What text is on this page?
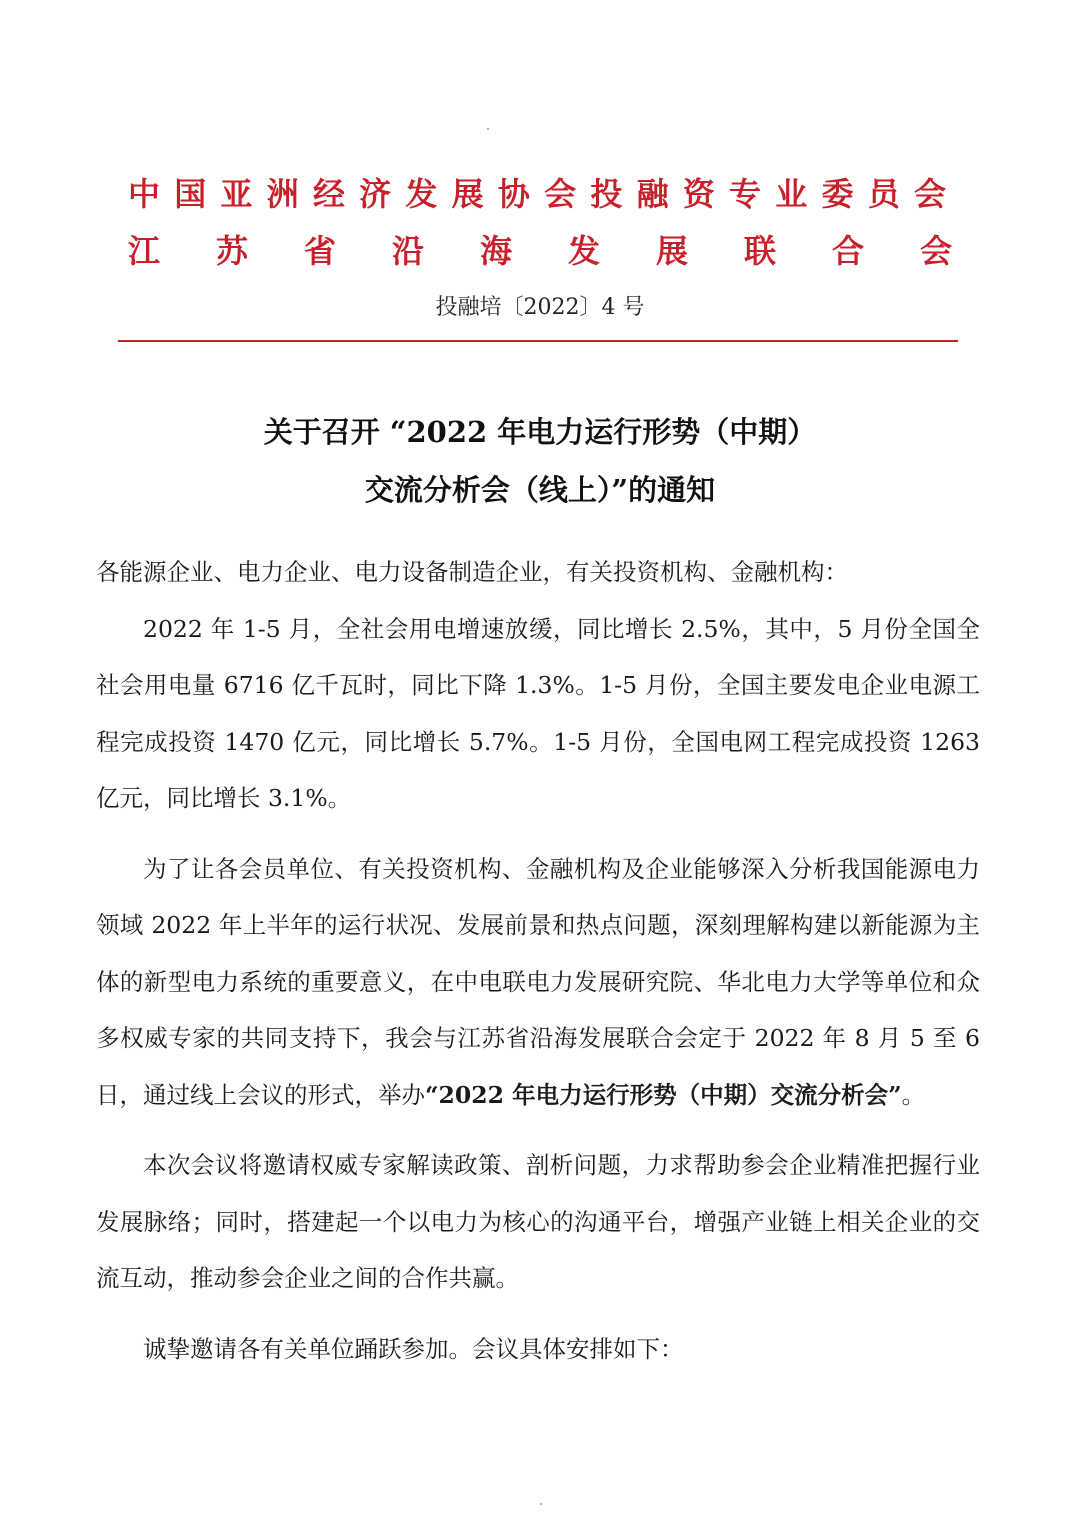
中国亚洲经济发展协会投融资专业委员会
江苏省沿海发展联合会
投融培〔2022〕4 号
关于召开 “2022 年电力运行形势（中期）
交流分析会（线上）”的通知

各能源企业、电力企业、电力设备制造企业，有关投资机构、金融机构：

2022 年 1-5 月，全社会用电增速放缓，同比增长 2.5%，其中，5 月份全国全社会用电量 6716 亿千瓦时，同比下降 1.3%。1-5 月份，全国主要发电企业电源工程完成投资 1470 亿元，同比增长 5.7%。1-5 月份，全国电网工程完成投资 1263 亿元，同比增长 3.1%。

为了让各会员单位、有关投资机构、金融机构及企业能够深入分析我国能源电力领域 2022 年上半年的运行状况、发展前景和热点问题，深刻理解构建以新能源为主体的新型电力系统的重要意义，在中电联电力发展研究院、华北电力大学等单位和众多权威专家的共同支持下，我会与江苏省沿海发展联合会定于 2022 年 8 月 5 至 6 日，通过线上会议的形式，举办“2022 年电力运行形势（中期）交流分析会”。

本次会议将邀请权威专家解读政策、剖析问题，力求帮助参会企业精准把握行业发展脉络；同时，搭建起一个以电力为核心的沟通平台，增强产业链上相关企业的交流互动，推动参会企业之间的合作共赢。

诚挚邀请各有关单位踊跃参加。会议具体安排如下：
